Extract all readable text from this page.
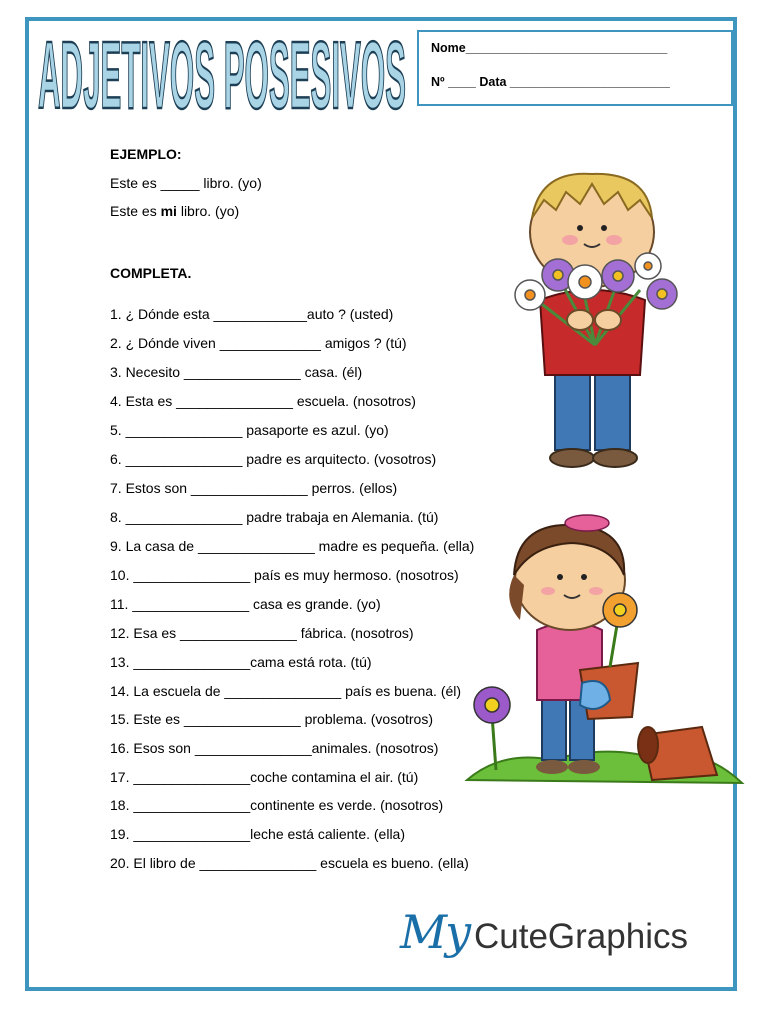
ADJETIVOS POSESIVOS Nome_____________________________
Nº ____ Data _______________________
EJEMPLO:
Este es _____ libro. (yo)
Este es mi libro. (yo)
COMPLETA.
1. ¿ Dónde esta ____________auto ? (usted)
2. ¿ Dónde viven _____________ amigos ? (tú)
3. Necesito _______________ casa. (él)
4. Esta es _______________ escuela. (nosotros)
5. _______________ pasaporte es azul. (yo)
6. _______________ padre es arquitecto. (vosotros)
7. Estos son _______________ perros. (ellos)
8. _______________ padre trabaja en Alemania. (tú)
9. La casa de _______________ madre es pequeña. (ella)
10. _______________ país es muy hermoso. (nosotros)
11. _______________ casa es grande. (yo)
12. Esa es _______________ fábrica. (nosotros)
13. _______________cama está rota. (tú)
14. La escuela de _______________ país es buena. (él)
15. Este es _______________ problema. (vosotros)
16. Esos son _______________animales. (nosotros)
17. _______________coche contamina el air. (tú)
18. _______________continente es verde. (nosotros)
19. _______________leche está caliente. (ella)
20. El libro de _______________ escuela es bueno. (ella)
My CuteGraphics
